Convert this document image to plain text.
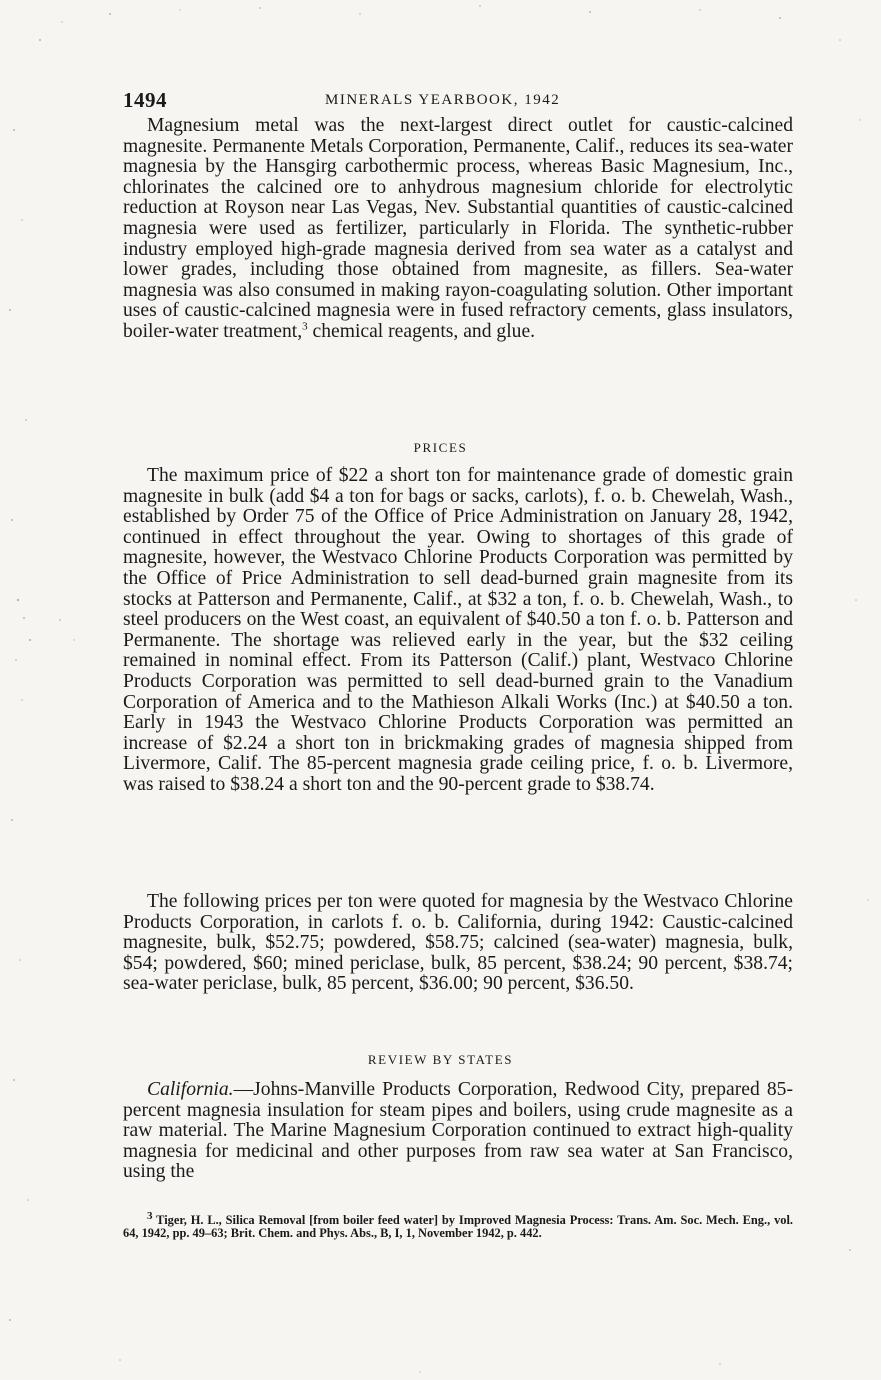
1494	MINERALS YEARBOOK, 1942

Magnesium metal was the next-largest direct outlet for caustic-calcined magnesite. Permanente Metals Corporation, Permanente, Calif., reduces its sea-water magnesia by the Hansgirg carbothermic process, whereas Basic Magnesium, Inc., chlorinates the calcined ore to anhydrous magnesium chloride for electrolytic reduction at Royson near Las Vegas, Nev. Substantial quantities of caustic-calcined magnesia were used as fertilizer, particularly in Florida. The synthetic-rubber industry employed high-grade magnesia derived from sea water as a catalyst and lower grades, including those obtained from magnesite, as fillers. Sea-water magnesia was also consumed in making rayon-coagulating solution. Other important uses of caustic-calcined magnesia were in fused refractory cements, glass insulators, boiler-water treatment,$^3$ chemical reagents, and glue.

PRICES

The maximum price of $22 a short ton for maintenance grade of domestic grain magnesite in bulk (add $4 a ton for bags or sacks, carlots), f. o. b. Chewelah, Wash., established by Order 75 of the Office of Price Administration on January 28, 1942, continued in effect throughout the year. Owing to shortages of this grade of magnesite, however, the Westvaco Chlorine Products Corporation was permitted by the Office of Price Administration to sell dead-burned grain magnesite from its stocks at Patterson and Permanente, Calif., at $32 a ton, f. o. b. Chewelah, Wash., to steel producers on the West coast, an equivalent of $40.50 a ton f. o. b. Patterson and Permanente. The shortage was relieved early in the year, but the $32 ceiling remained in nominal effect. From its Patterson (Calif.) plant, Westvaco Chlorine Products Corporation was permitted to sell dead-burned grain to the Vanadium Corporation of America and to the Mathieson Alkali Works (Inc.) at $40.50 a ton. Early in 1943 the Westvaco Chlorine Products Corporation was permitted an increase of $2.24 a short ton in brickmaking grades of magnesia shipped from Livermore, Calif. The 85-percent magnesia grade ceiling price, f. o. b. Livermore, was raised to $38.24 a short ton and the 90-percent grade to $38.74.

The following prices per ton were quoted for magnesia by the Westvaco Chlorine Products Corporation, in carlots f. o. b. California, during 1942: Caustic-calcined magnesite, bulk, $52.75; powdered, $58.75; calcined (sea-water) magnesia, bulk, $54; powdered, $60; mined periclase, bulk, 85 percent, $38.24; 90 percent, $38.74; sea-water periclase, bulk, 85 percent, $36.00; 90 percent, $36.50.

REVIEW BY STATES

California.—Johns-Manville Products Corporation, Redwood City, prepared 85-percent magnesia insulation for steam pipes and boilers, using crude magnesite as a raw material. The Marine Magnesium Corporation continued to extract high-quality magnesia for medicinal and other purposes from raw sea water at San Francisco, using the

$^3$ Tiger, H. L., Silica Removal [from boiler feed water] by Improved Magnesia Process: Trans. Am. Soc. Mech. Eng., vol. 64, 1942, pp. 49–63; Brit. Chem. and Phys. Abs., B, I, 1, November 1942, p. 442.
